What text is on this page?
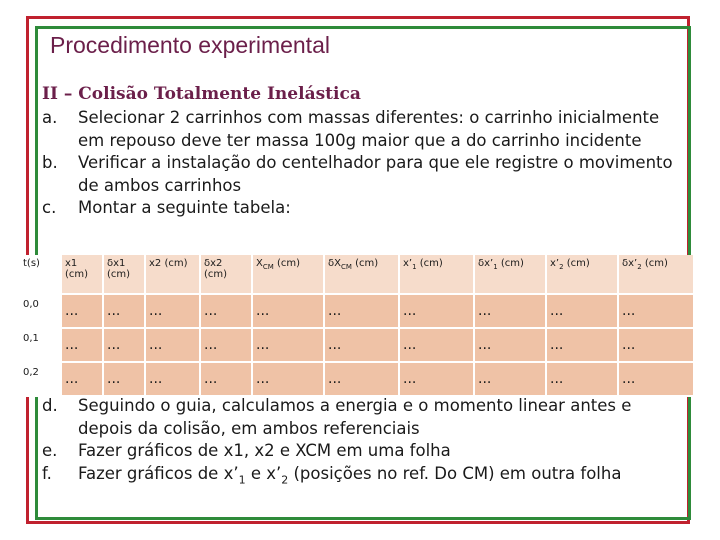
Procedimento experimental
II – Colisão Totalmente Inelástica
a.	Selecionar 2 carrinhos com massas diferentes: o carrinho inicialmente em repouso deve ter massa 100g maior que a do carrinho incidente
b.	Verificar a instalação do centelhador para que ele registre o movimento de ambos carrinhos
c.	Montar a seguinte tabela:
t(s)	x1 (cm)	δx1 (cm)	x2 (cm)	δx2 (cm)	$X_{CM}$ (cm)	$\delta X_{CM}$ (cm)	$x’_1$ (cm)	$\delta x’_1$ (cm)	$x’_2$ (cm)	$\delta x’_2$ (cm)
0,0	...	...	...	...	...	...	...	...	...	...
0,1	...	...	...	...	...	...	...	...	...	...
0,2	...	...	...	...	...	...	...	...	...	...
d.	Seguindo o guia, calculamos a energia e o momento linear antes e depois da colisão, em ambos referenciais
e.	Fazer gráficos de x1, x2 e XCM em uma folha
f.	Fazer gráficos de $x’_1$ e $x’_2$ (posições no ref. Do CM) em outra folha
